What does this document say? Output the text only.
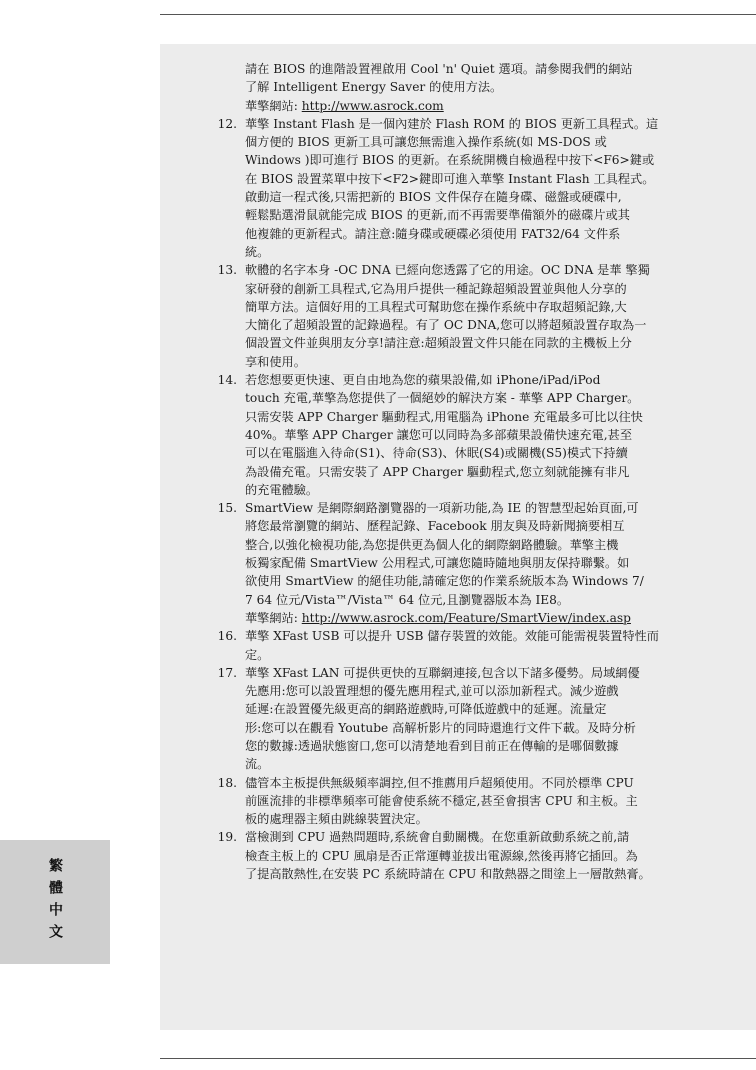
請在 BIOS 的進階設置裡啟用 Cool 'n' Quiet 選項。請參閱我們的網站
了解 Intelligent Energy Saver 的使用方法。
華擎網站: http://www.asrock.com
12. 華擎 Instant Flash 是一個內建於 Flash ROM 的 BIOS 更新工具程式。這
個方便的 BIOS 更新工具可讓您無需進入操作系統(如 MS-DOS 或
Windows )即可進行 BIOS 的更新。在系統開機自檢過程中按下<F6>鍵或
在 BIOS 設置菜單中按下<F2>鍵即可進入華擎 Instant Flash 工具程式。
啟動這一程式後,只需把新的 BIOS 文件保存在隨身碟、磁盤或硬碟中,
輕鬆點選滑鼠就能完成 BIOS 的更新,而不再需要準備額外的磁碟片或其
他複雜的更新程式。請注意:隨身碟或硬碟必須使用 FAT32/64 文件系
統。
13. 軟體的名字本身 -OC DNA 已經向您透露了它的用途。OC DNA 是華 擎獨
家研發的創新工具程式,它為用戶提供一種記錄超頻設置並與他人分享的
簡單方法。這個好用的工具程式可幫助您在操作系統中存取超頻記錄,大
大簡化了超頻設置的記錄過程。有了 OC DNA,您可以將超頻設置存取為一
個設置文件並與朋友分享!請注意:超頻設置文件只能在同款的主機板上分
享和使用。
14. 若您想要更快速、更自由地為您的蘋果設備,如 iPhone/iPad/iPod
touch 充電,華擎為您提供了一個絕妙的解決方案 - 華擎 APP Charger。
只需安裝 APP Charger 驅動程式,用電腦為 iPhone 充電最多可比以往快
40%。華擎 APP Charger 讓您可以同時為多部蘋果設備快速充電,甚至
可以在電腦進入待命(S1)、待命(S3)、休眠(S4)或關機(S5)模式下持續
為設備充電。只需安裝了 APP Charger 驅動程式,您立刻就能擁有非凡
的充電體驗。
15. SmartView 是網際網路瀏覽器的一項新功能,為 IE 的智慧型起始頁面,可
將您最常瀏覽的網站、歷程記錄、Facebook 朋友與及時新聞摘要相互
整合,以強化檢視功能,為您提供更為個人化的網際網路體驗。華擎主機
板獨家配備 SmartView 公用程式,可讓您隨時隨地與朋友保持聯繫。如
欲使用 SmartView 的絕佳功能,請確定您的作業系統版本為 Windows 7/
7 64 位元/Vista™/Vista™ 64 位元,且瀏覽器版本為 IE8。
華擎網站: http://www.asrock.com/Feature/SmartView/index.asp
16. 華擎 XFast USB 可以提升 USB 儲存裝置的效能。效能可能需視裝置特性而
定。
17. 華擎 XFast LAN 可提供更快的互聯網連接,包含以下諸多優勢。局域網優
先應用:您可以設置理想的優先應用程式,並可以添加新程式。減少遊戲
延遲:在設置優先級更高的網路遊戲時,可降低遊戲中的延遲。流量定
形:您可以在觀看 Youtube 高解析影片的同時還進行文件下載。及時分析
您的數據:透過狀態窗口,您可以清楚地看到目前正在傳輸的是哪個數據
流。
18. 儘管本主板提供無級頻率調控,但不推薦用戶超頻使用。不同於標準 CPU
前匯流排的非標準頻率可能會使系統不穩定,甚至會損害 CPU 和主板。主
板的處理器主頻由跳線裝置決定。
19. 當檢測到 CPU 過熱問題時,系統會自動關機。在您重新啟動系統之前,請
檢查主板上的 CPU 風扇是否正常運轉並拔出電源線,然後再將它插回。為
了提高散熱性,在安裝 PC 系統時請在 CPU 和散熱器之間塗上一層散熱膏。
繁體中文
